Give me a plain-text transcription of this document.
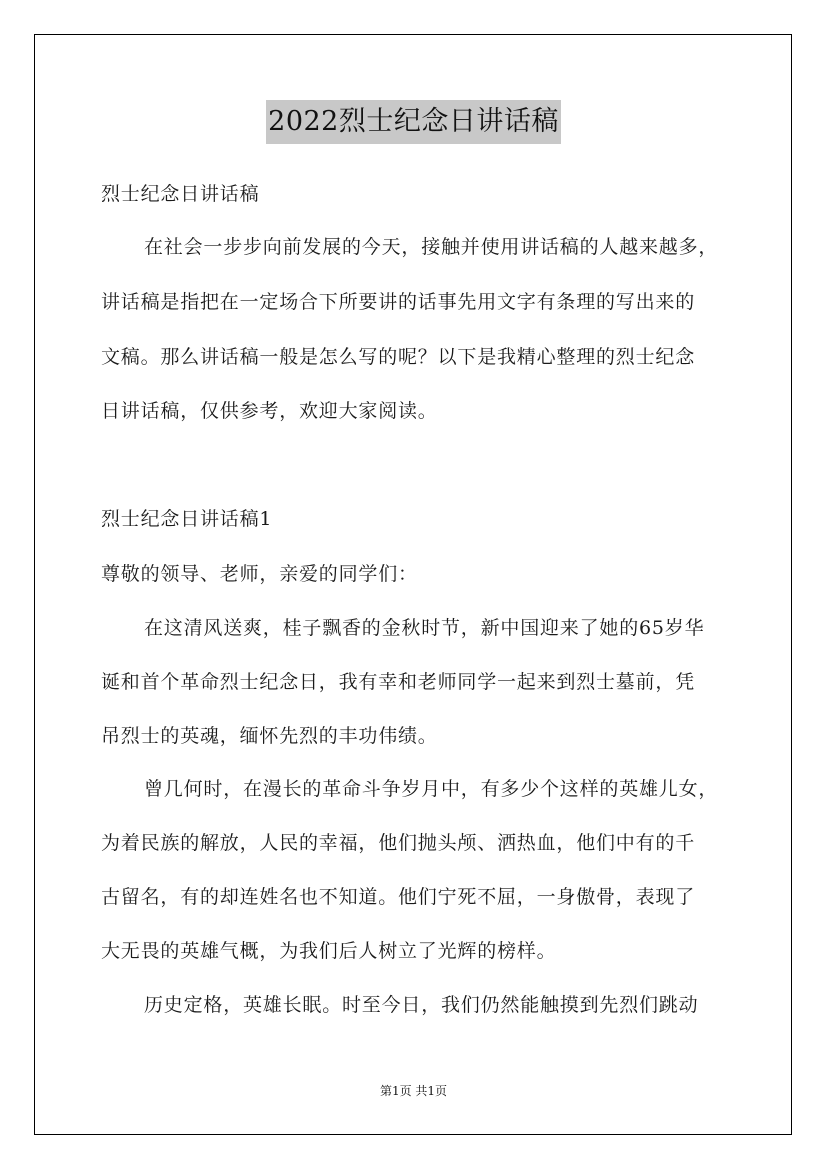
2022烈士纪念日讲话稿
烈士纪念日讲话稿
在社会一步步向前发展的今天，接触并使用讲话稿的人越来越多，
讲话稿是指把在一定场合下所要讲的话事先用文字有条理的写出来的
文稿。那么讲话稿一般是怎么写的呢？以下是我精心整理的烈士纪念
日讲话稿，仅供参考，欢迎大家阅读。
烈士纪念日讲话稿1
尊敬的领导、老师，亲爱的同学们：
在这清风送爽，桂子飘香的金秋时节，新中国迎来了她的65岁华
诞和首个革命烈士纪念日，我有幸和老师同学一起来到烈士墓前，凭
吊烈士的英魂，缅怀先烈的丰功伟绩。
曾几何时，在漫长的革命斗争岁月中，有多少个这样的英雄儿女，
为着民族的解放，人民的幸福，他们抛头颅、洒热血，他们中有的千
古留名，有的却连姓名也不知道。他们宁死不屈，一身傲骨，表现了
大无畏的英雄气概，为我们后人树立了光辉的榜样。
历史定格，英雄长眠。时至今日，我们仍然能触摸到先烈们跳动
第1页 共1页
